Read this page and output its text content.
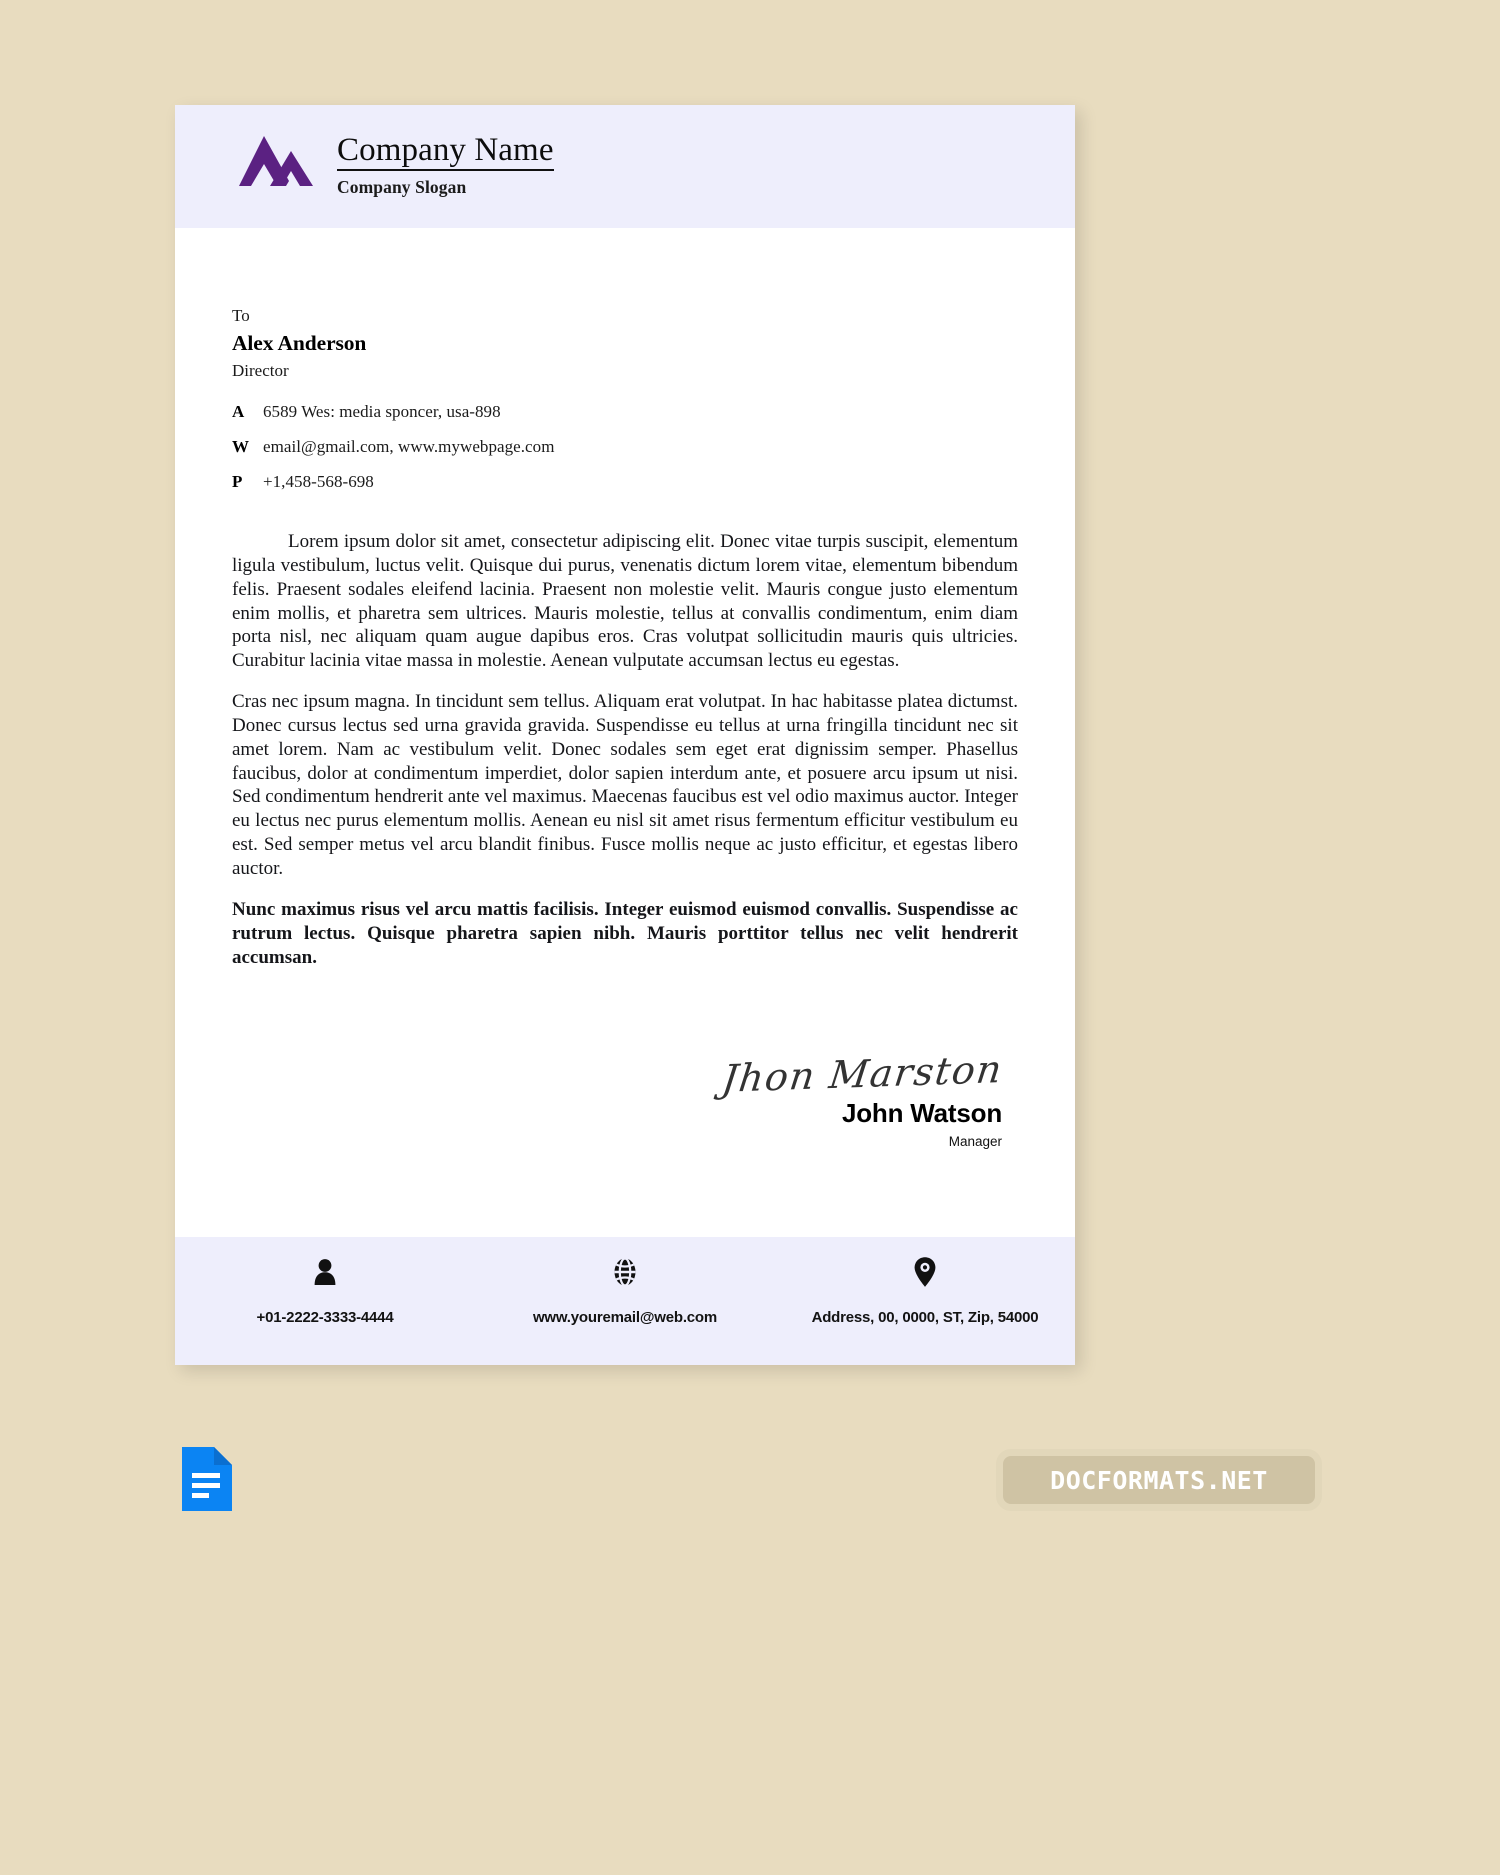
Company Name
Company Slogan
To
Alex Anderson
Director
A	6589 Wes: media sponcer, usa-898
W email@gmail.com, www.mywebpage.com
P	+1,458-568-698

Lorem ipsum dolor sit amet, consectetur adipiscing elit. Donec vitae turpis suscipit, elementum ligula vestibulum, luctus velit. Quisque dui purus, venenatis dictum lorem vitae, elementum bibendum felis. Praesent sodales eleifend lacinia. Praesent non molestie velit. Mauris congue justo elementum enim mollis, et pharetra sem ultrices. Mauris molestie, tellus at convallis condimentum, enim diam porta nisl, nec aliquam quam augue dapibus eros. Cras volutpat sollicitudin mauris quis ultricies. Curabitur lacinia vitae massa in molestie. Aenean vulputate accumsan lectus eu egestas.

Cras nec ipsum magna. In tincidunt sem tellus. Aliquam erat volutpat. In hac habitasse platea dictumst. Donec cursus lectus sed urna gravida gravida. Suspendisse eu tellus at urna fringilla tincidunt nec sit amet lorem. Nam ac vestibulum velit. Donec sodales sem eget erat dignissim semper. Phasellus faucibus, dolor at condimentum imperdiet, dolor sapien interdum ante, et posuere arcu ipsum ut nisi. Sed condimentum hendrerit ante vel maximus. Maecenas faucibus est vel odio maximus auctor. Integer eu lectus nec purus elementum mollis. Aenean eu nisl sit amet risus fermentum efficitur vestibulum eu est. Sed semper metus vel arcu blandit finibus. Fusce mollis neque ac justo efficitur, et egestas libero auctor.

Nunc maximus risus vel arcu mattis facilisis. Integer euismod euismod convallis. Suspendisse ac rutrum lectus. Quisque pharetra sapien nibh. Mauris porttitor tellus nec velit hendrerit accumsan.

Jhon Marston
John Watson
Manager
+01-2222-3333-4444	www.youremail@web.com	Address, 00, 0000, ST, Zip, 54000
DOCFORMATS.NET
